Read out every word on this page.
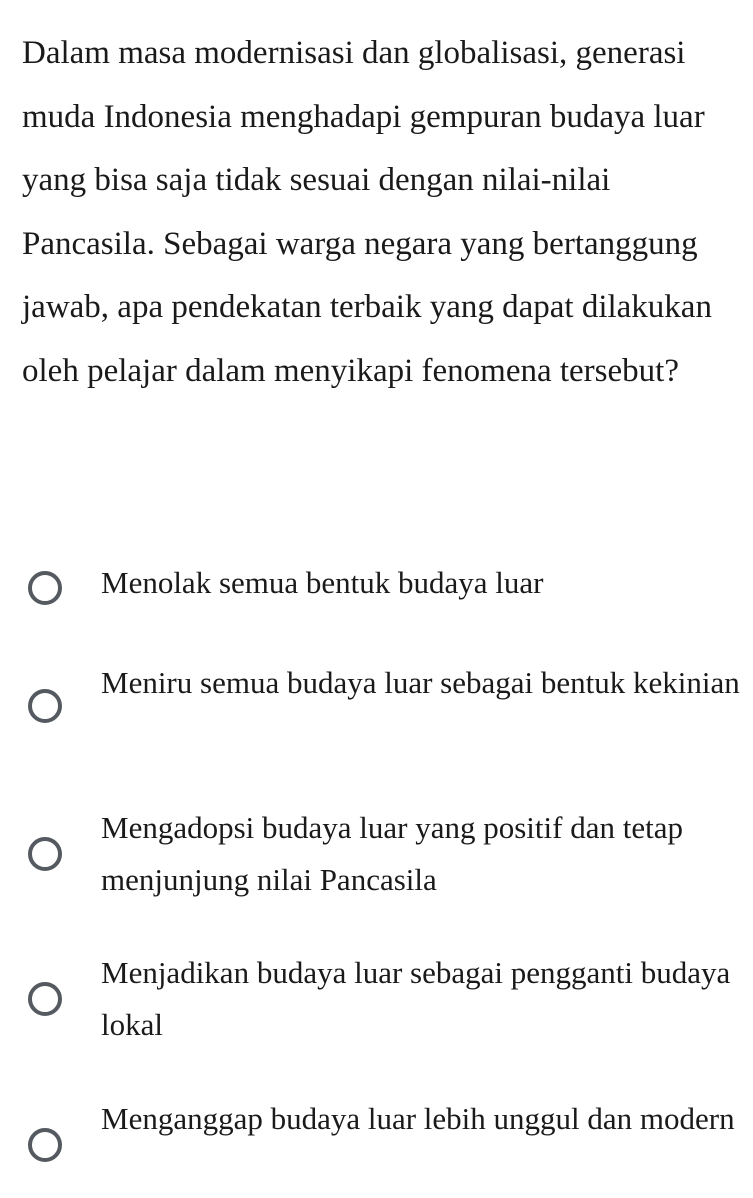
Dalam masa modernisasi dan globalisasi, generasi muda Indonesia menghadapi gempuran budaya luar yang bisa saja tidak sesuai dengan nilai-nilai Pancasila. Sebagai warga negara yang bertanggung jawab, apa pendekatan terbaik yang dapat dilakukan oleh pelajar dalam menyikapi fenomena tersebut?

Menolak semua bentuk budaya luar
Meniru semua budaya luar sebagai bentuk kekinian
Mengadopsi budaya luar yang positif dan tetap menjunjung nilai Pancasila
Menjadikan budaya luar sebagai pengganti budaya lokal
Menganggap budaya luar lebih unggul dan modern
